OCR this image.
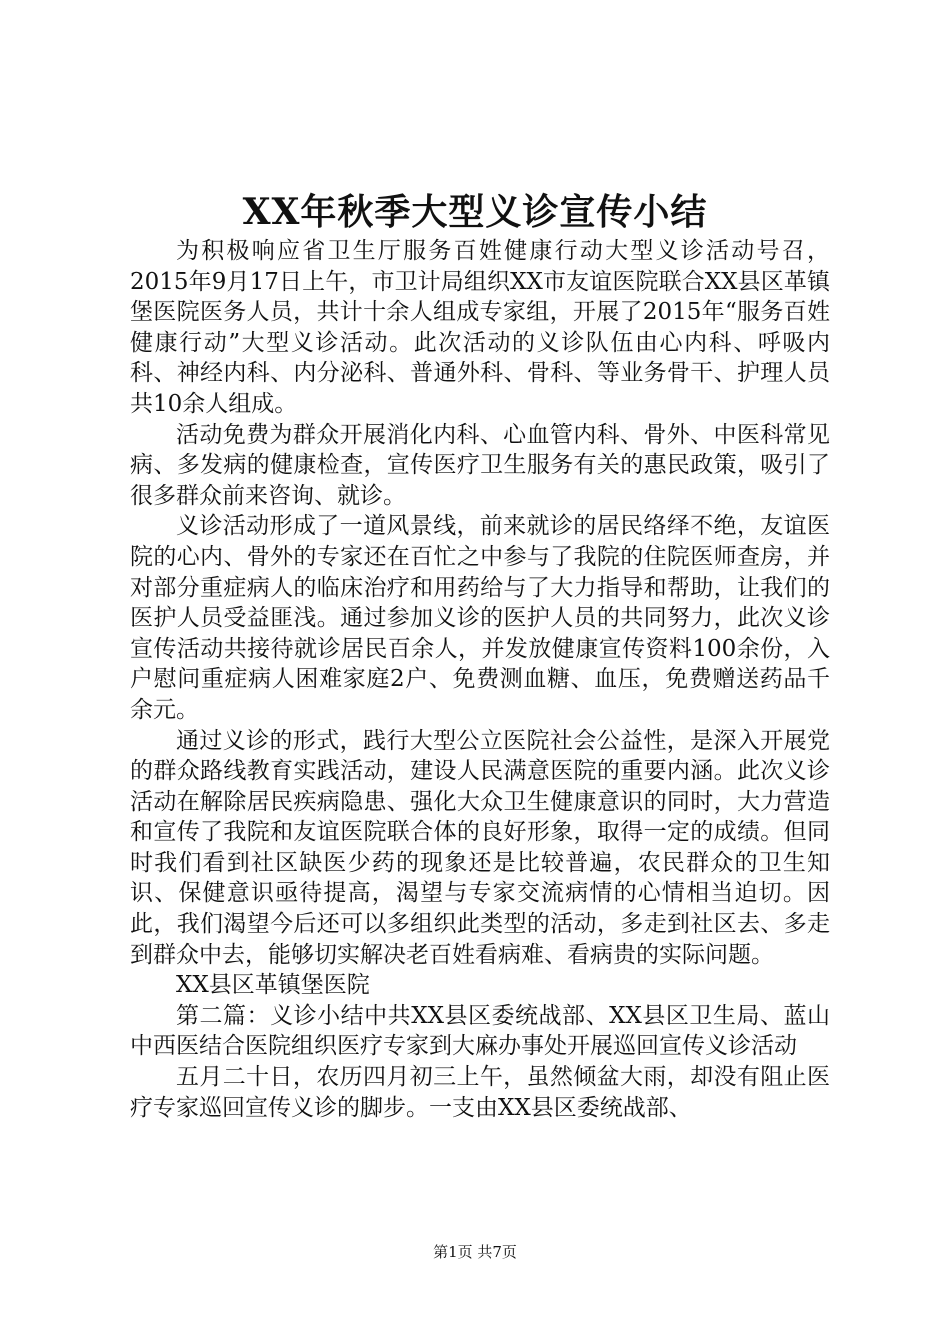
XX年秋季大型义诊宣传小结

为积极响应省卫生厅服务百姓健康行动大型义诊活动号召，2015年9月17日上午，市卫计局组织XX市友谊医院联合XX县区革镇堡医院医务人员，共计十余人组成专家组，开展了2015年“服务百姓健康行动”大型义诊活动。此次活动的义诊队伍由心内科、呼吸内科、神经内科、内分泌科、普通外科、骨科、等业务骨干、护理人员共10余人组成。

活动免费为群众开展消化内科、心血管内科、骨外、中医科常见病、多发病的健康检查，宣传医疗卫生服务有关的惠民政策，吸引了很多群众前来咨询、就诊。

义诊活动形成了一道风景线，前来就诊的居民络绎不绝，友谊医院的心内、骨外的专家还在百忙之中参与了我院的住院医师查房，并对部分重症病人的临床治疗和用药给与了大力指导和帮助，让我们的医护人员受益匪浅。通过参加义诊的医护人员的共同努力，此次义诊宣传活动共接待就诊居民百余人，并发放健康宣传资料100余份，入户慰问重症病人困难家庭2户、免费测血糖、血压，免费赠送药品千余元。

通过义诊的形式，践行大型公立医院社会公益性，是深入开展党的群众路线教育实践活动，建设人民满意医院的重要内涵。此次义诊活动在解除居民疾病隐患、强化大众卫生健康意识的同时，大力营造和宣传了我院和友谊医院联合体的良好形象，取得一定的成绩。但同时我们看到社区缺医少药的现象还是比较普遍，农民群众的卫生知识、保健意识亟待提高，渴望与专家交流病情的心情相当迫切。因此，我们渴望今后还可以多组织此类型的活动，多走到社区去、多走到群众中去，能够切实解决老百姓看病难、看病贵的实际问题。

XX县区革镇堡医院

第二篇：义诊小结中共XX县区委统战部、XX县区卫生局、蓝山中西医结合医院组织医疗专家到大麻办事处开展巡回宣传义诊活动

五月二十日，农历四月初三上午，虽然倾盆大雨，却没有阻止医疗专家巡回宣传义诊的脚步。一支由XX县区委统战部、

第1页 共7页
